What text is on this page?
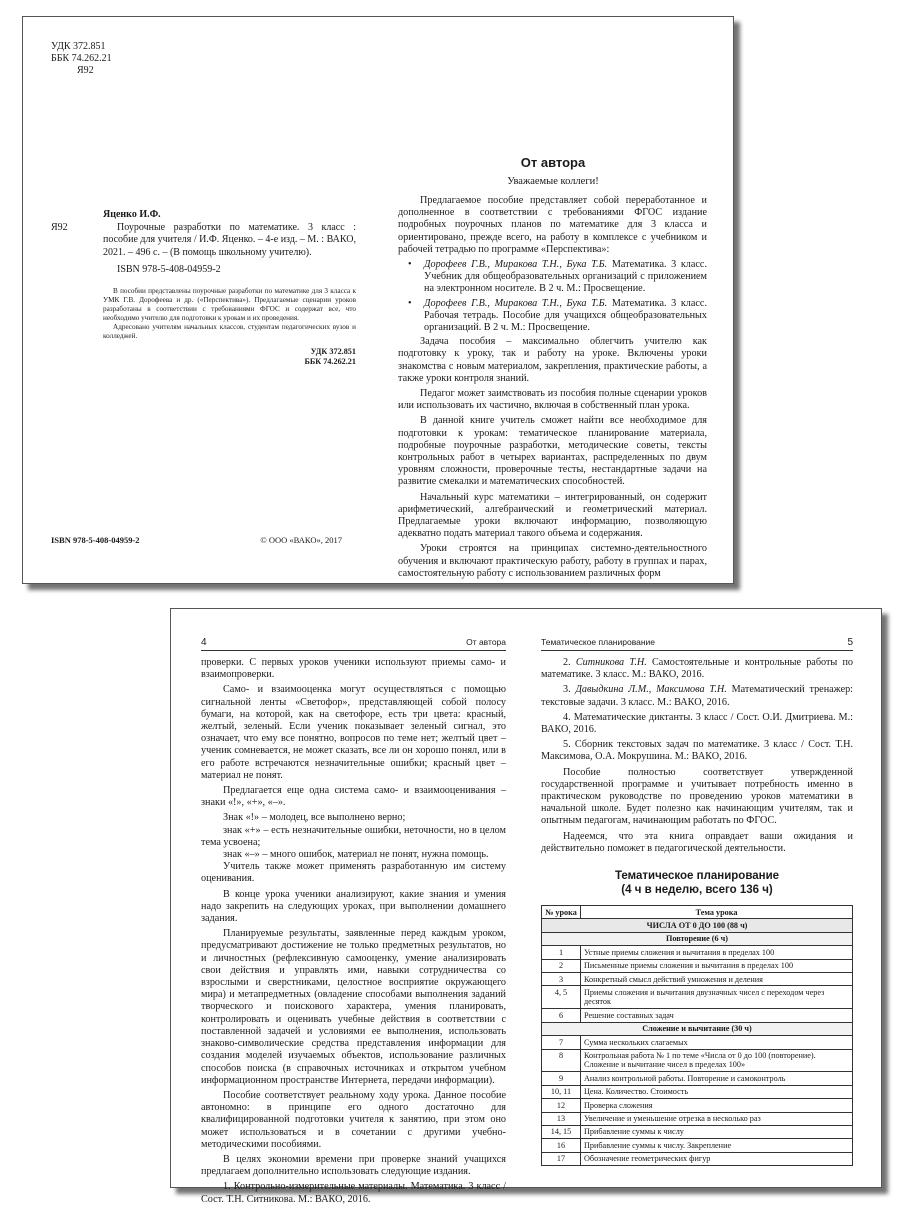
УДК 372.851
ББК 74.262.21
Я92
Яценко И.Ф.
Я92	Поурочные разработки по математике. 3 класс : пособие для учителя / И.Ф. Яценко. – 4-е изд. – М. : ВАКО, 2021. – 496 с. – (В помощь школьному учителю).
ISBN 978-5-408-04959-2

В пособии представлены поурочные разработки по математике для 3 класса к УМК Г.В. Дорофеева и др. («Перспектива»). Предлагаемые сценарии уроков разработаны в соответствии с требованиями ФГОС и содержат все, что необходимо учителю для подготовки к урокам и их проведения.

Адресовано учителям начальных классов, студентам педагогических вузов и колледжей.

УДК 372.851
ББК 74.262.21
ISBN 978-5-408-04959-2	© ООО «ВАКО», 2017
От автора
Уважаемые коллеги!

Предлагаемое пособие представляет собой переработанное и дополненное в соответствии с требованиями ФГОС издание подробных поурочных планов по математике для 3 класса и ориентировано, прежде всего, на работу в комплексе с учебником и рабочей тетрадью по программе «Перспектива»:

• Дорофеев Г.В., Миракова Т.Н., Бука Т.Б. Математика. 3 класс. Учебник для общеобразовательных организаций с приложением на электронном носителе. В 2 ч. М.: Просвещение.
• Дорофеев Г.В., Миракова Т.Н., Бука Т.Б. Математика. 3 класс. Рабочая тетрадь. Пособие для учащихся общеобразовательных организаций. В 2 ч. М.: Просвещение.

Задача пособия – максимально облегчить учителю как подготовку к уроку, так и работу на уроке. Включены уроки знакомства с новым материалом, закрепления, практические работы, а также уроки контроля знаний.

Педагог может заимствовать из пособия полные сценарии уроков или использовать их частично, включая в собственный план урока.

В данной книге учитель сможет найти все необходимое для подготовки к урокам: тематическое планирование материала, подробные поурочные разработки, методические советы, тексты контрольных работ в четырех вариантах, распределенных по двум уровням сложности, проверочные тесты, нестандартные задачи на развитие смекалки и математических способностей.

Начальный курс математики – интегрированный, он содержит арифметический, алгебраический и геометрический материал. Предлагаемые уроки включают информацию, позволяющую адекватно подать материал такого объема и содержания.

Уроки строятся на принципах системно-деятельностного обучения и включают практическую работу, работу в группах и парах, самостоятельную работу с использованием различных форм

4	От автора

проверки. С первых уроков ученики используют приемы само- и взаимопроверки.

Само- и взаимооценка могут осуществляться с помощью сигнальной ленты «Светофор», представляющей собой полосу бумаги, на которой, как на светофоре, есть три цвета: красный, желтый, зеленый. Если ученик показывает зеленый сигнал, это означает, что ему все понятно, вопросов по теме нет; желтый цвет – ученик сомневается, не может сказать, все ли он хорошо понял, или в его работе встречаются незначительные ошибки; красный цвет – материал не понят.

Предлагается еще одна система само- и взаимооценивания – знаки «!», «+», «–».

Знак «!» – молодец, все выполнено верно;

знак «+» – есть незначительные ошибки, неточности, но в целом тема усвоена;

знак «–» – много ошибок, материал не понят, нужна помощь.

Учитель также может применять разработанную им систему оценивания.

В конце урока ученики анализируют, какие знания и умения надо закрепить на следующих уроках, при выполнении домашнего задания.

Планируемые результаты, заявленные перед каждым уроком, предусматривают достижение не только предметных результатов, но и личностных (рефлексивную самооценку, умение анализировать свои действия и управлять ими, навыки сотрудничества со взрослыми и сверстниками, целостное восприятие окружающего мира) и метапредметных (овладение способами выполнения заданий творческого и поискового характера, умения планировать, контролировать и оценивать учебные действия в соответствии с поставленной задачей и условиями ее выполнения, использовать знаково-символические средства представления информации для создания моделей изучаемых объектов, использование различных способов поиска (в справочных источниках и открытом учебном информационном пространстве Интернета, передачи информации).

Пособие соответствует реальному ходу урока. Данное пособие автономно: в принципе его одного достаточно для квалифицированной подготовки учителя к занятию, при этом оно может использоваться и в сочетании с другими учебно-методическими пособиями.

В целях экономии времени при проверке знаний учащихся предлагаем дополнительно использовать следующие издания.

1. Контрольно-измерительные материалы. Математика. 3 класс / Сост. Т.Н. Ситникова. М.: ВАКО, 2016.

Тематическое планирование	5

2. Ситникова Т.Н. Самостоятельные и контрольные работы по математике. 3 класс. М.: ВАКО, 2016.

3. Давыдкина Л.М., Максимова Т.Н. Математический тренажер: текстовые задачи. 3 класс. М.: ВАКО, 2016.

4. Математические диктанты. 3 класс / Сост. О.И. Дмитриева. М.: ВАКО, 2016.

5. Сборник текстовых задач по математике. 3 класс / Сост. Т.Н. Максимова, О.А. Мокрушина. М.: ВАКО, 2016.

Пособие полностью соответствует утвержденной государственной программе и учитывает потребность именно в практическом руководстве по проведению уроков математики в начальной школе. Будет полезно как начинающим учителям, так и опытным педагогам, начинающим работать по ФГОС.

Надеемся, что эта книга оправдает ваши ожидания и действительно поможет в педагогической деятельности.

Тематическое планирование
(4 ч в неделю, всего 136 ч)
№ урока	Тема урока
ЧИСЛА ОТ 0 ДО 100 (88 ч)	
Повторение (6 ч)	
1	Устные приемы сложения и вычитания в пределах 100
2	Письменные приемы сложения и вычитания в пределах 100
3	Конкретный смысл действий умножения и деления
4, 5	Приемы сложения и вычитания двузначных чисел с переходом через десяток
6	Решение составных задач
Сложение и вычитание (30 ч)	
7	Сумма нескольких слагаемых
8	Контрольная работа № 1 по теме «Числа от 0 до 100 (повторение). Сложение и вычитание чисел в пределах 100»
9	Анализ контрольной работы. Повторение и самоконтроль
10, 11	Цена. Количество. Стоимость
12	Проверка сложения
13	Увеличение и уменьшение отрезка в несколько раз
14, 15	Прибавление суммы к числу
16	Прибавление суммы к числу. Закрепление
17	Обозначение геометрических фигур
